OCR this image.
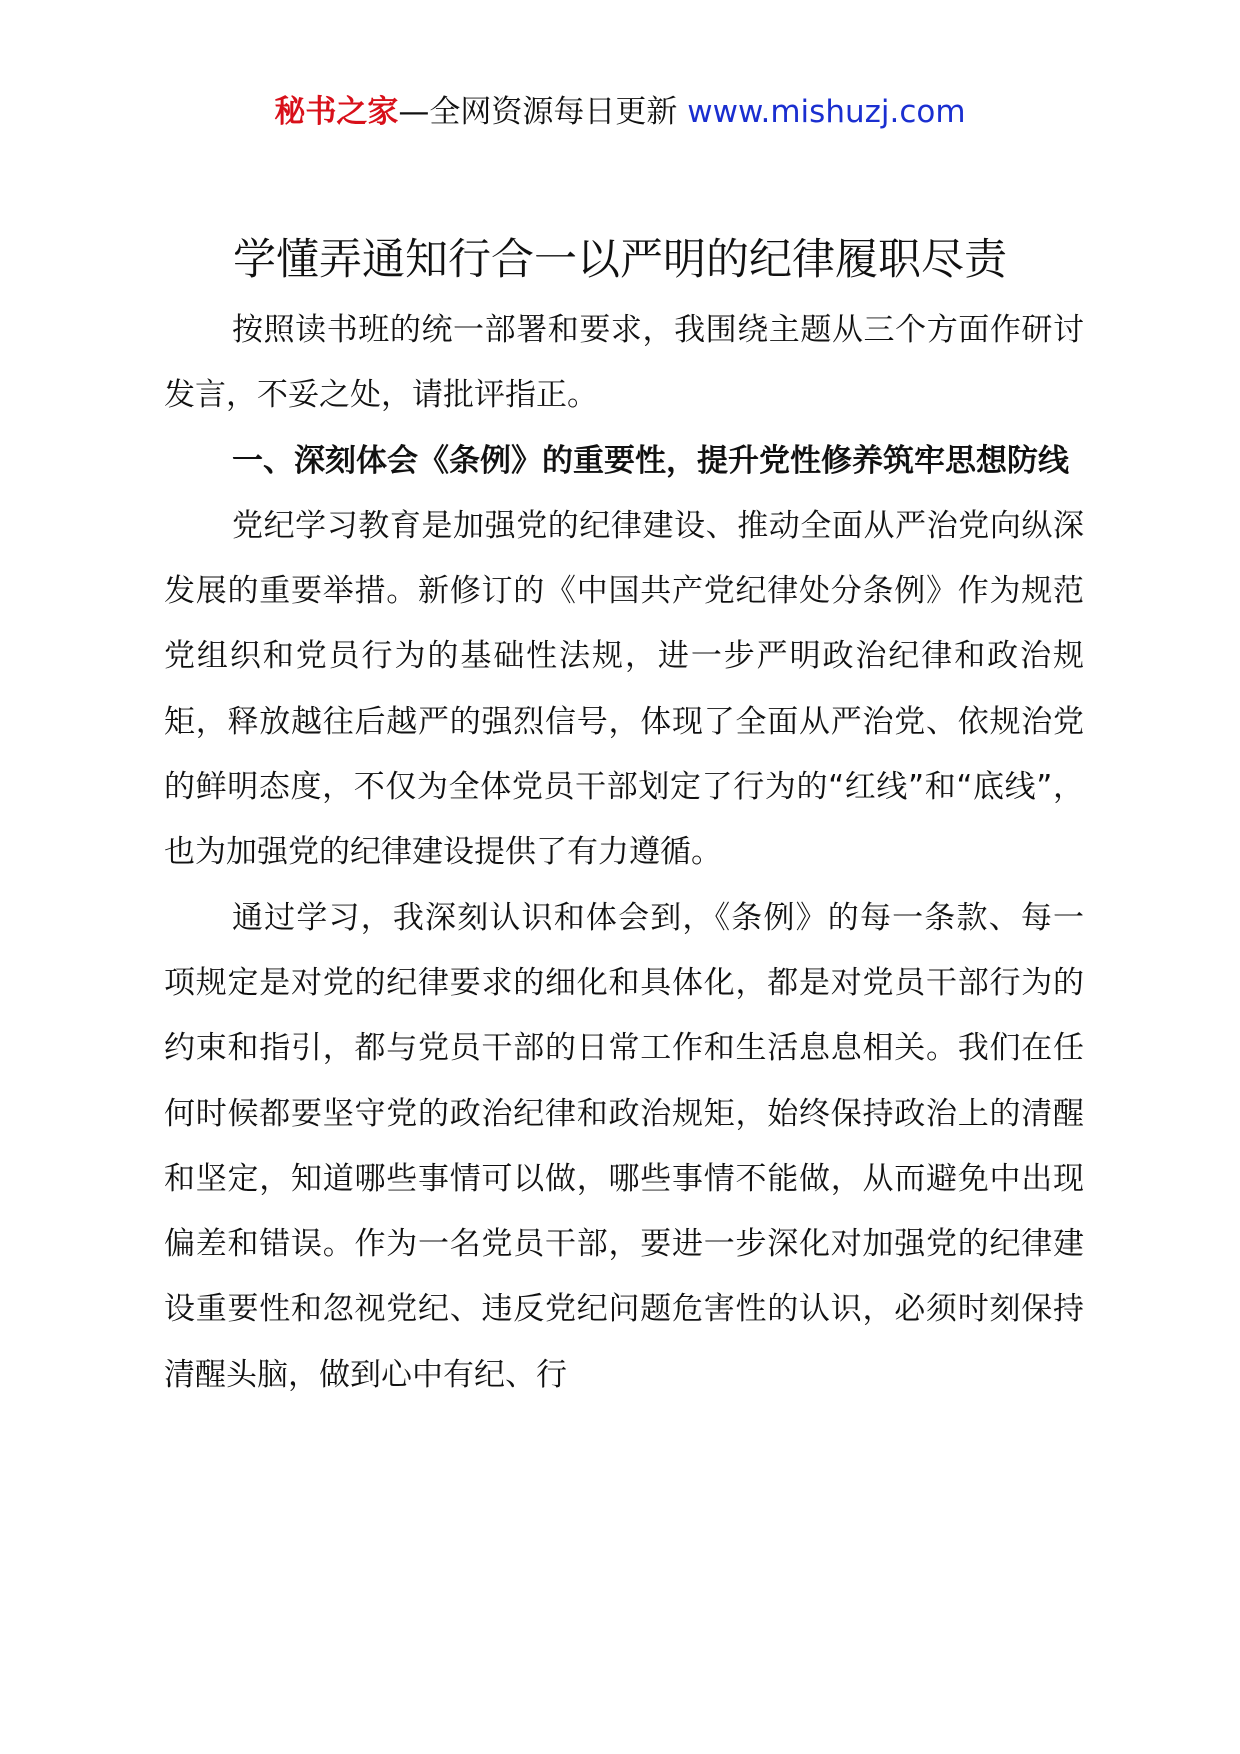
秘书之家—全网资源每日更新 www.mishuzj.com
学懂弄通知行合一以严明的纪律履职尽责

按照读书班的统一部署和要求，我围绕主题从三个方面作研讨发言，不妥之处，请批评指正。

一、深刻体会《条例》的重要性，提升党性修养筑牢思想防线

党纪学习教育是加强党的纪律建设、推动全面从严治党向纵深发展的重要举措。新修订的《中国共产党纪律处分条例》作为规范党组织和党员行为的基础性法规，进一步严明政治纪律和政治规矩，释放越往后越严的强烈信号，体现了全面从严治党、依规治党的鲜明态度，不仅为全体党员干部划定了行为的“红线”和“底线”，也为加强党的纪律建设提供了有力遵循。

通过学习，我深刻认识和体会到，《条例》的每一条款、每一项规定是对党的纪律要求的细化和具体化，都是对党员干部行为的约束和指引，都与党员干部的日常工作和生活息息相关。我们在任何时候都要坚守党的政治纪律和政治规矩，始终保持政治上的清醒和坚定，知道哪些事情可以做，哪些事情不能做，从而避免中出现偏差和错误。作为一名党员干部，要进一步深化对加强党的纪律建设重要性和忽视党纪、违反党纪问题危害性的认识，必须时刻保持清醒头脑，做到心中有纪、行
